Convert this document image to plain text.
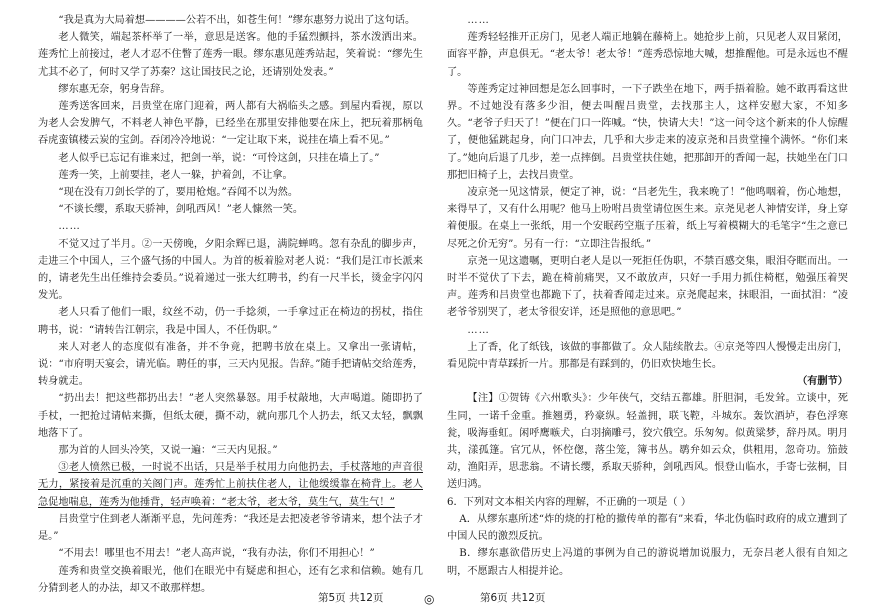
“我是真为大局着想————公若不出，如苍生何！”缪东惠努力说出了这句话。

老人微笑，端起茶杯举了一举，意思是送客。他的手猛烈颤抖，茶水泼洒出来。莲秀忙上前接过，老人才忍不住瞥了莲秀一眼。缪东惠见莲秀站起，笑着说：“缪先生尤其不必了，何时又学了苏秦？这让国技民之论，还请别处发表。”

缪东惠无奈，躬身告辞。

莲秀送客回来，吕贵堂在席门迎着，两人都有大祸临头之感。到屋内看视，原以为老人会发脾气，不料老人神色平静，已经坐在那里安排他要在床上，把玩着那柄龟吞虎蛮镇楼云炭的宝剑。吞闭冷冷地说：“一定让取下来，说挂在墙上看不见。”

老人似乎已忘记有谁来过，把剑一举，说：“可怜这剑，只挂在墙上了。”

莲秀一笑，上前要挂，老人一躲，护着剑，不让拿。

“现在没有刀剑长学的了，要用枪炮。”吞闻不以为然。

“不谈长缨，系取天骄神，剑吼西风！”老人慷然一笑。

……

不觉又过了半月。②一天傍晚，夕阳余辉已退，满院蝉鸣。忽有杂乱的脚步声，走进三个中国人，三个盛气扬的中国人。为首的板着脸对老人说：“我们是江市长派来的，请老先生出任维持会委员。”说着递过一张大红聘书，约有一尺半长，烫金字闪闪发光。

老人只看了他们一眼，纹丝不动，仍一手捻须，一手拿过正在椅边的拐杖，指住聘书，说：“请转告江朝宗，我是中国人，不任伪职。”

来人对老人的态度似有准备，并不争竟，把聘书放在桌上。又拿出一张请帖，说：“市府明天宴会，请光临。聘任的事，三天内见报。告辞。”随手把请帖交给莲秀，转身就走。

“扔出去！把这些都扔出去！”老人突然暴怒。用手杖敲地，大声喝道。随即扔了手杖，一把抢过请帖来撕，但纸太硬，撕不动，就向那几个人扔去，纸又太轻，飘飘地落下了。

那为首的人回头冷笑，又说一遍：“三天内见报。”

③老人愤然已极，一时说不出话，只是举手杖用力向他扔去，手杖落地的声音很无力，紧接着是沉重的关阁门声。莲秀忙上前扶住老人，让他缓缓靠在椅背上。老人急促地喘息，莲秀为他捶背，轻声唤着：“老太爷，老太爷，莫生气，莫生气！”

吕贵堂宁住到老人渐渐平息，先问莲秀：“我还是去把凌老爷爷请来，想个法子才是。”

“不用去！哪里也不用去！”老人高声说，“我有办法，你们不用担心！”

莲秀和贵堂交换着眼光，他们在眼光中有疑虑和担心，还有乞求和信赖。她有几分猜到老人的办法，却又不敢那样想。

第5页 共12页	◎

……

莲秀轻轻推开正房门，见老人端正地躺在藤椅上。她抢步上前，只见老人双目紧闭，面容平静，声息俱无。“老太爷！老太爷！”莲秀恐惊地大喊，想推醒他。可是永远也不醒了。

等莲秀定过神回想是怎么回事时，一下子跌坐在地下，两手捂着脸。她不敢再看这世界。不过她没有落多少泪，便去叫醒吕贵堂，去找那主人，这样安慰大家，不知多久。“老爷子归天了！”便在门口一阵喊。“快，快请大夫！”这一问令这个新来的仆人惊醒了，便他猛跳起身，向门口冲去，几乎和大步走来的凌京尧和吕贵堂撞个满怀。“你们来了。”她向后退了几步，差一点摔倒。吕贵堂扶住她，把那卸开的香闻一起，扶她坐在门口那把旧椅子上，去找吕贵堂。

凌京尧一见这情景，便定了神，说：“吕老先生，我来晚了！”他鸣咽着，伤心地想，来得早了，又有什么用呢？他马上吩咐吕贵堂请位医生来。京尧见老人神情安详，身上穿着便服。在桌上一张纸，用一个安眠药空瓶子压着，纸上写着模糊大的毛笔字“生之意已尽死之价无穷”。另有一行：“立即注告报纸。”

京尧一见这遗嘱，更明白老人是以一死拒任伪职，不禁百感交集，眼泪夺眶而出。一时半不觉伏了下去，跪在椅前痛哭，又不敢放声，只好一手用力抓住椅框，勉强压着哭声。莲秀和吕贵堂也都跪下了，扶着香闻走过来。京尧爬起来，抹眼泪，一面拭泪：“凌老爷爷别哭了，老太爷很安详，还是照他的意思吧。”

……

上了香，化了纸钱，该做的事都做了。众人陆续散去。④京尧等四人慢慢走出房门，看见院中青草踩折一片。那都是有踩到的，仍旧欢快地生长。

（有删节）

【注】①贺铸《六州歌头》：少年侠气，交结五都雄。肝胆洞，毛发耸。立谈中，死生同，一诺千金重。推翘勇，矜豪纵。轻盖拥，联飞鞚，斗城东。轰饮酒垆，春色浮寒瓮，吸海垂虹。闲呼鹰嗾犬，白羽摘雕弓，狡穴俄空。乐匆匆。似黄粱梦，辞丹凤。明月共，漾孤篷。官冗从，怀倥偬，落尘笼，簿书丛。鹖弁如云众，供粗用，忽奇功。笳鼓动，渔阳弄，思悲翁。不请长缨，系取天骄种，剑吼西风。恨登山临水，手寄七弦桐，目送归鸿。

6．下列对文本相关内容的理解，不正确的一项是（ ）

A．从缪东惠所述“炸的烧的打枪的撤传单的都有”来看，华北伪临时政府的成立遭到了中国人民的激烈反抗。

B．缪东惠欲借历史上冯道的事例为自己的游说增加说服力，无奈吕老人很有自知之明，不愿跟古人相提并论。

第6页 共12页
